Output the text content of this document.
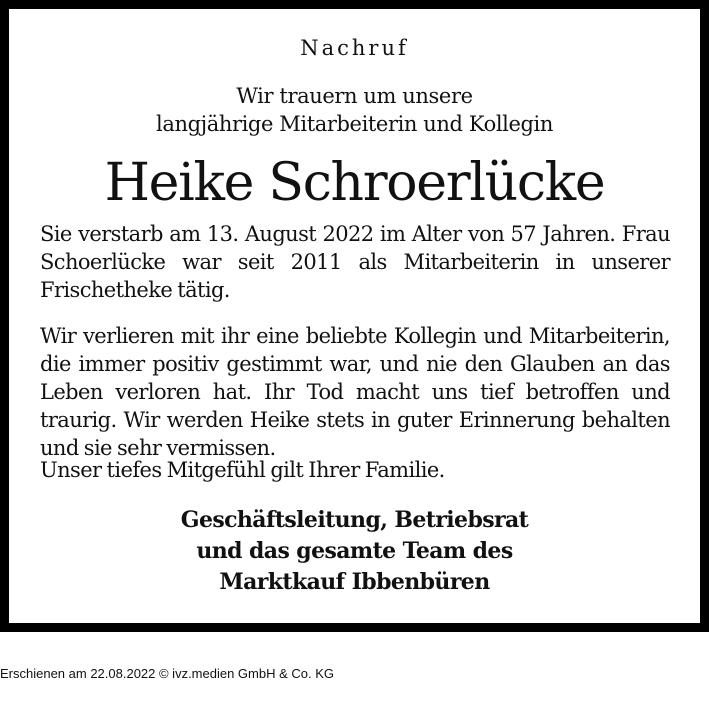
Nachruf
Wir trauern um unsere
langjährige Mitarbeiterin und Kollegin
Heike Schroerlücke
Sie verstarb am 13. August 2022 im Alter von 57 Jahren. Frau Schoerlücke war seit 2011 als Mitarbeiterin in unserer Frischetheke tätig.
Wir verlieren mit ihr eine beliebte Kollegin und Mitarbeiterin, die immer positiv gestimmt war, und nie den Glauben an das Leben verloren hat. Ihr Tod macht uns tief betroffen und traurig. Wir werden Heike stets in guter Erinnerung behalten und sie sehr vermissen.
Unser tiefes Mitgefühl gilt Ihrer Familie.
Geschäftsleitung, Betriebsrat
und das gesamte Team des
Marktkauf Ibbenbüren
Erschienen am 22.08.2022 © ivz.medien GmbH & Co. KG
